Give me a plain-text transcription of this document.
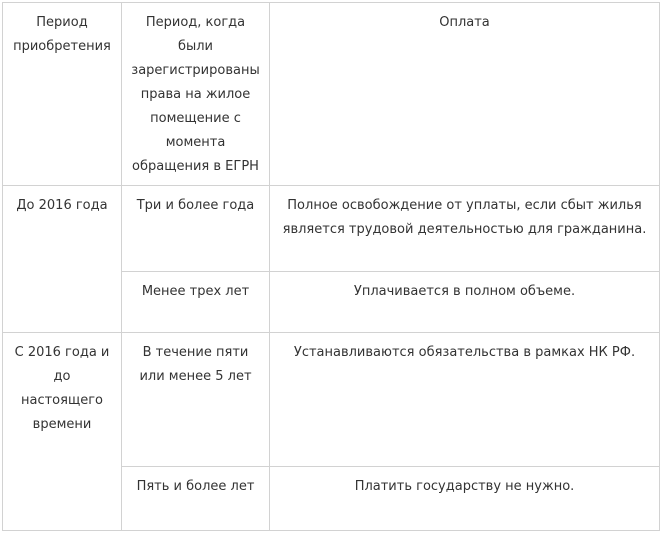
Период приобретения	Период, когда были зарегистрированы права на жилое помещение с момента обращения в ЕГРН	Оплата
До 2016 года	Три и более года	Полное освобождение от уплаты, если сбыт жилья является трудовой деятельностью для гражданина.
	Менее трех лет	Уплачивается в полном объеме.
С 2016 года и до настоящего времени	В течение пяти или менее 5 лет	Устанавливаются обязательства в рамках НК РФ.
	Пять и более лет	Платить государству не нужно.
